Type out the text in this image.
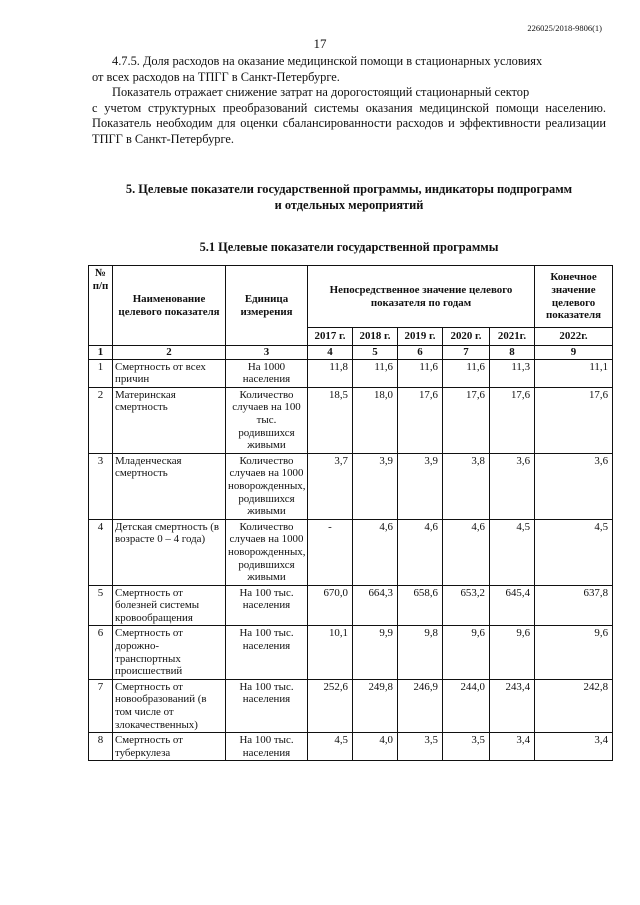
226025/2018-9806(1)
17
4.7.5. Доля расходов на оказание медицинской помощи в стационарных условиях
от всех расходов на ТПГГ в Санкт-Петербурге.
Показатель отражает снижение затрат на дорогостоящий стационарный сектор
с учетом структурных преобразований системы оказания медицинской помощи населению. Показатель необходим для оценки сбалансированности расходов и эффективности реализации ТПГГ в Санкт-Петербурге.
5. Целевые показатели государственной программы, индикаторы подпрограмм
и отдельных мероприятий
5.1 Целевые показатели государственной программы
№ п/п	Наименование целевого показателя	Единица измерения	Непосредственное значение целевого показателя по годам					Конечное значение целевого показателя
			2017 г.	2018 г.	2019 г.	2020 г.	2021г.	2022г.
1	2	3	4	5	6	7	8	9
1	Смертность от всех причин	На 1000 населения	11,8	11,6	11,6	11,6	11,3	11,1
2	Материнская смертность	Количество случаев на 100 тыс. родившихся живыми	18,5	18,0	17,6	17,6	17,6	17,6
3	Младенческая смертность	Количество случаев на 1000 новорожденных, родившихся живыми	3,7	3,9	3,9	3,8	3,6	3,6
4	Детская смертность (в возрасте 0 – 4 года)	Количество случаев на 1000 новорожденных, родившихся живыми	-	4,6	4,6	4,6	4,5	4,5
5	Смертность от болезней системы кровообращения	На 100 тыс. населения	670,0	664,3	658,6	653,2	645,4	637,8
6	Смертность от дорожно-транспортных происшествий	На 100 тыс. населения	10,1	9,9	9,8	9,6	9,6	9,6
7	Смертность от новообразований (в том числе от злокачественных)	На 100 тыс. населения	252,6	249,8	246,9	244,0	243,4	242,8
8	Смертность от туберкулеза	На 100 тыс. населения	4,5	4,0	3,5	3,5	3,4	3,4
